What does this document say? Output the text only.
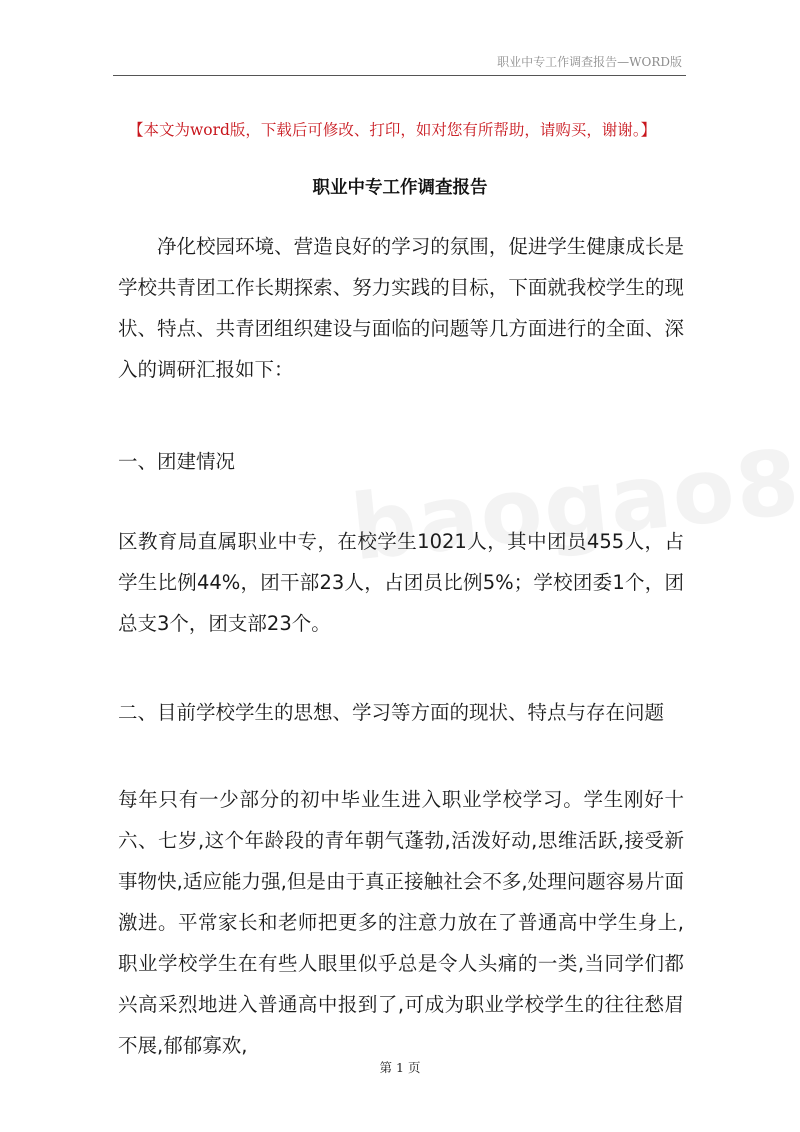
职业中专工作调查报告—WORD版
【本文为word版，下载后可修改、打印，如对您有所帮助，请购买，谢谢。】
职业中专工作调查报告

净化校园环境、营造良好的学习的氛围，促进学生健康成长是学校共青团工作长期探索、努力实践的目标，下面就我校学生的现状、特点、共青团组织建设与面临的问题等几方面进行的全面、深入的调研汇报如下：

一、团建情况

区教育局直属职业中专，在校学生1021人，其中团员455人，占学生比例44%，团干部23人，占团员比例5%；学校团委1个，团总支3个，团支部23个。

二、目前学校学生的思想、学习等方面的现状、特点与存在问题

每年只有一少部分的初中毕业生进入职业学校学习。学生刚好十六、七岁,这个年龄段的青年朝气蓬勃,活泼好动,思维活跃,接受新事物快,适应能力强,但是由于真正接触社会不多,处理问题容易片面激进。平常家长和老师把更多的注意力放在了普通高中学生身上,职业学校学生在有些人眼里似乎总是令人头痛的一类,当同学们都兴高采烈地进入普通高中报到了,可成为职业学校学生的往往愁眉不展,郁郁寡欢,

第 1 页
